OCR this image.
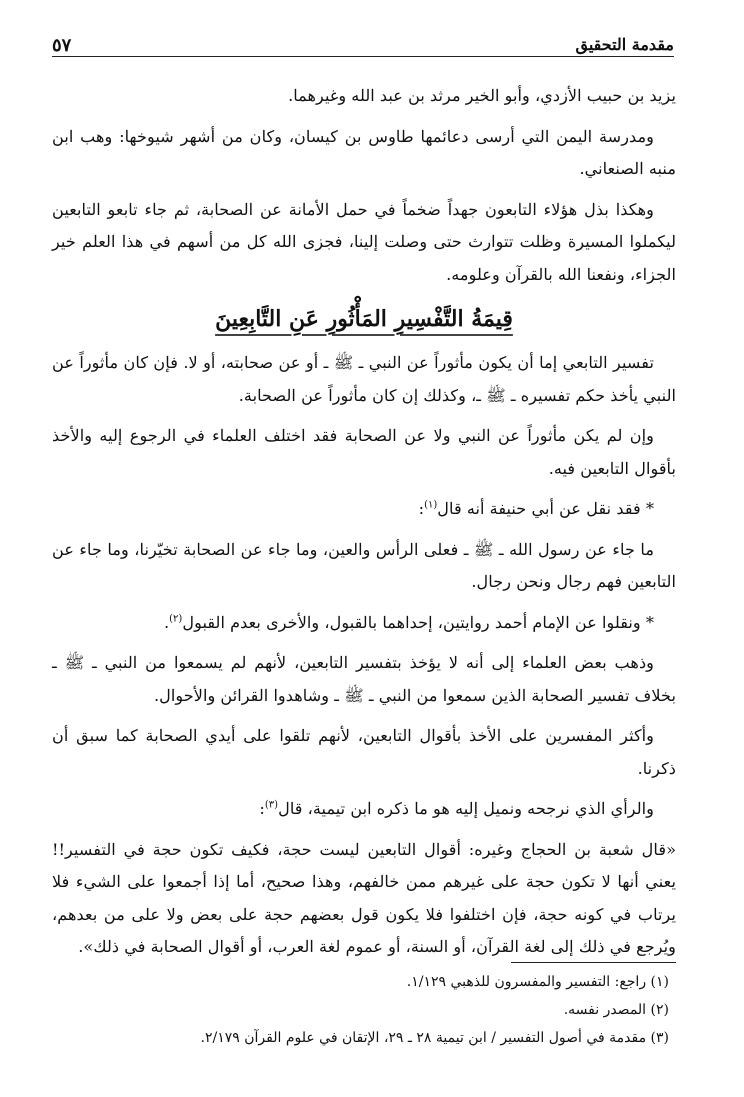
مقدمة التحقيق
٥٧

يزيد بن حبيب الأزدي، وأبو الخير مرثد بن عبد الله وغيرهما.

ومدرسة اليمن التي أرسى دعائمها طاوس بن كيسان، وكان من أشهر شيوخها: وهب ابن منبه الصنعاني.

وهكذا بذل هؤلاء التابعون جهداً ضخماً في حمل الأمانة عن الصحابة، ثم جاء تابعو التابعين ليكملوا المسيرة وظلت تتوارث حتى وصلت إلينا، فجزى الله كل من أسهم في هذا العلم خير الجزاء، ونفعنا الله بالقرآن وعلومه.

قِيمَةُ التَّفْسِيرِ المَأْثُورِ عَنِ التَّابِعِينَ

تفسير التابعي إما أن يكون مأثوراً عن النبي ـ ﷺ ـ أو عن صحابته، أو لا. فإن كان مأثوراً عن النبي يأخذ حكم تفسيره ـ ﷺ ـ، وكذلك إن كان مأثوراً عن الصحابة.

وإن لم يكن مأثوراً عن النبي ولا عن الصحابة فقد اختلف العلماء في الرجوع إليه والأخذ بأقوال التابعين فيه.

* فقد نقل عن أبي حنيفة أنه قال$^{(١)}$:

ما جاء عن رسول الله ـ ﷺ ـ فعلى الرأس والعين، وما جاء عن الصحابة تخيّرنا، وما جاء عن التابعين فهم رجال ونحن رجال.

* ونقلوا عن الإمام أحمد روايتين، إحداهما بالقبول، والأخرى بعدم القبول$^{(٢)}$.

وذهب بعض العلماء إلى أنه لا يؤخذ بتفسير التابعين، لأنهم لم يسمعوا من النبي ـ ﷺ ـ بخلاف تفسير الصحابة الذين سمعوا من النبي ـ ﷺ ـ وشاهدوا القرائن والأحوال.

وأكثر المفسرين على الأخذ بأقوال التابعين، لأنهم تلقوا على أيدي الصحابة كما سبق أن ذكرنا.

والرأي الذي نرجحه ونميل إليه هو ما ذكره ابن تيمية، قال$^{(٣)}$:

«قال شعبة بن الحجاج وغيره: أقوال التابعين ليست حجة، فكيف تكون حجة في التفسير!! يعني أنها لا تكون حجة على غيرهم ممن خالفهم، وهذا صحيح، أما إذا أجمعوا على الشيء فلا يرتاب في كونه حجة، فإن اختلفوا فلا يكون قول بعضهم حجة على بعض ولا على من بعدهم، ويُرجع في ذلك إلى لغة القرآن، أو السنة، أو عموم لغة العرب، أو أقوال الصحابة في ذلك».

(١) راجع: التفسير والمفسرون للذهبي ١/١٢٩.
(٢) المصدر نفسه.
(٣) مقدمة في أصول التفسير / ابن تيمية ٢٨ ـ ٢٩، الإتقان في علوم القرآن ٢/١٧٩.
